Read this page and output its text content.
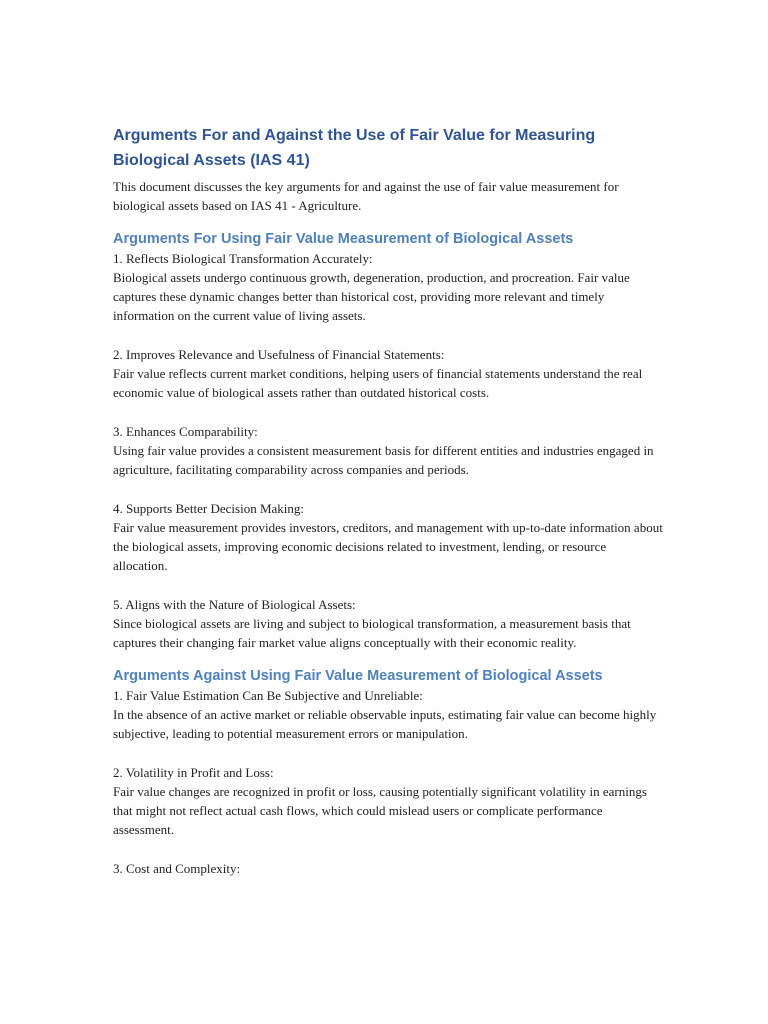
Arguments For and Against the Use of Fair Value for Measuring Biological Assets (IAS 41)

This document discusses the key arguments for and against the use of fair value measurement for biological assets based on IAS 41 - Agriculture.

Arguments For Using Fair Value Measurement of Biological Assets

1. Reflects Biological Transformation Accurately:

Biological assets undergo continuous growth, degeneration, production, and procreation. Fair value captures these dynamic changes better than historical cost, providing more relevant and timely information on the current value of living assets.

2. Improves Relevance and Usefulness of Financial Statements:

Fair value reflects current market conditions, helping users of financial statements understand the real economic value of biological assets rather than outdated historical costs.

3. Enhances Comparability:

Using fair value provides a consistent measurement basis for different entities and industries engaged in agriculture, facilitating comparability across companies and periods.

4. Supports Better Decision Making:

Fair value measurement provides investors, creditors, and management with up-to-date information about the biological assets, improving economic decisions related to investment, lending, or resource allocation.

5. Aligns with the Nature of Biological Assets:

Since biological assets are living and subject to biological transformation, a measurement basis that captures their changing fair market value aligns conceptually with their economic reality.

Arguments Against Using Fair Value Measurement of Biological Assets

1. Fair Value Estimation Can Be Subjective and Unreliable:

In the absence of an active market or reliable observable inputs, estimating fair value can become highly subjective, leading to potential measurement errors or manipulation.

2. Volatility in Profit and Loss:

Fair value changes are recognized in profit or loss, causing potentially significant volatility in earnings that might not reflect actual cash flows, which could mislead users or complicate performance assessment.

3. Cost and Complexity:
